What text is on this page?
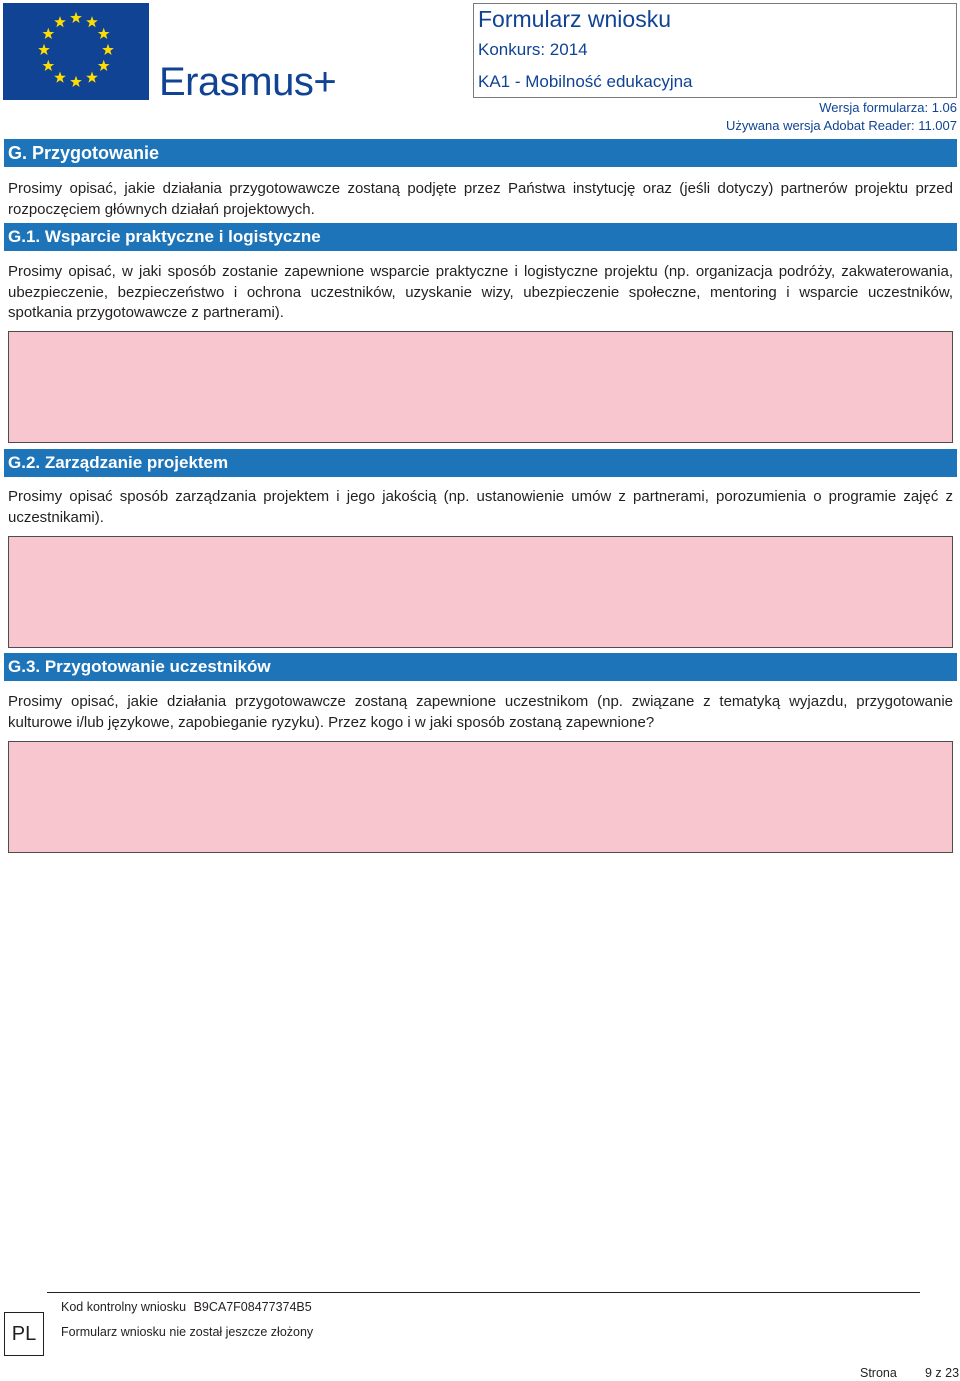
Erasmus+
Formularz wniosku
Konkurs: 2014
KA1 - Mobilność edukacyjna
Wersja formularza: 1.06
Używana wersja Adobat Reader: 11.007
G. Przygotowanie
Prosimy opisać, jakie działania przygotowawcze zostaną podjęte przez Państwa instytucję oraz (jeśli dotyczy) partnerów projektu przed rozpoczęciem głównych działań projektowych.
G.1. Wsparcie praktyczne i logistyczne
Prosimy opisać, w jaki sposób zostanie zapewnione wsparcie praktyczne i logistyczne projektu (np. organizacja podróży, zakwaterowania, ubezpieczenie, bezpieczeństwo i ochrona uczestników, uzyskanie wizy, ubezpieczenie społeczne, mentoring i wsparcie uczestników, spotkania przygotowawcze z partnerami).
G.2. Zarządzanie projektem
Prosimy opisać sposób zarządzania projektem i jego jakością (np. ustanowienie umów z partnerami, porozumienia o programie zajęć z uczestnikami).
G.3. Przygotowanie uczestników
Prosimy opisać, jakie działania przygotowawcze zostaną zapewnione uczestnikom (np. związane z tematyką wyjazdu, przygotowanie kulturowe i/lub językowe, zapobieganie ryzyku). Przez kogo i w jaki sposób zostaną zapewnione?
PL
Kod kontrolny wniosku B9CA7F08477374B5
Formularz wniosku nie został jeszcze złożony
Strona 9 z 23
